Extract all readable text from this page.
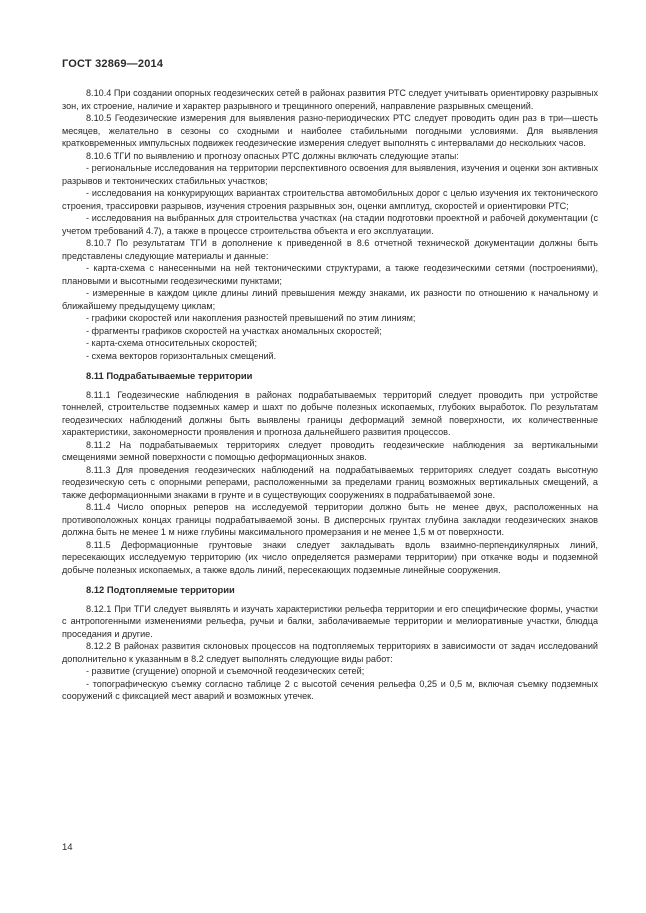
ГОСТ 32869—2014

8.10.4 При создании опорных геодезических сетей в районах развития РТС следует учитывать ориентировку разрывных зон, их строение, наличие и характер разрывного и трещинного оперений, направление разрывных смещений.

8.10.5 Геодезические измерения для выявления разно-периодических РТС следует проводить один раз в три—шесть месяцев, желательно в сезоны со сходными и наиболее стабильными погодными условиями. Для выявления кратковременных импульсных подвижек геодезические измерения следует выполнять с интервалами до нескольких часов.

8.10.6 ТГИ по выявлению и прогнозу опасных РТС должны включать следующие этапы:

- региональные исследования на территории перспективного освоения для выявления, изучения и оценки зон активных разрывов и тектонических стабильных участков;

- исследования на конкурирующих вариантах строительства автомобильных дорог с целью изучения их тектонического строения, трассировки разрывов, изучения строения разрывных зон, оценки амплитуд, скоростей и ориентировки РТС;

- исследования на выбранных для строительства участках (на стадии подготовки проектной и рабочей документации (с учетом требований 4.7), а также в процессе строительства объекта и его эксплуатации.

8.10.7 По результатам ТГИ в дополнение к приведенной в 8.6 отчетной технической документации должны быть представлены следующие материалы и данные:

- карта-схема с нанесенными на ней тектоническими структурами, а также геодезическими сетями (построениями), плановыми и высотными геодезическими пунктами;

- измеренные в каждом цикле длины линий превышения между знаками, их разности по отношению к начальному и ближайшему предыдущему циклам;

- графики скоростей или накопления разностей превышений по этим линиям;

- фрагменты графиков скоростей на участках аномальных скоростей;

- карта-схема относительных скоростей;

- схема векторов горизонтальных смещений.

8.11 Подрабатываемые территории

8.11.1 Геодезические наблюдения в районах подрабатываемых территорий следует проводить при устройстве тоннелей, строительстве подземных камер и шахт по добыче полезных ископаемых, глубоких выработок. По результатам геодезических наблюдений должны быть выявлены границы деформаций земной поверхности, их количественные характеристики, закономерности проявления и прогноза дальнейшего развития процессов.

8.11.2 На подрабатываемых территориях следует проводить геодезические наблюдения за вертикальными смещениями земной поверхности с помощью деформационных знаков.

8.11.3 Для проведения геодезических наблюдений на подрабатываемых территориях следует создать высотную геодезическую сеть с опорными реперами, расположенными за пределами границ возможных вертикальных смещений, а также деформационными знаками в грунте и в существующих сооружениях в подрабатываемой зоне.

8.11.4 Число опорных реперов на исследуемой территории должно быть не менее двух, расположенных на противоположных концах границы подрабатываемой зоны. В дисперсных грунтах глубина закладки геодезических знаков должна быть не менее 1 м ниже глубины максимального промерзания и не менее 1,5 м от поверхности.

8.11.5 Деформационные грунтовые знаки следует закладывать вдоль взаимно-перпендикулярных линий, пересекающих исследуемую территорию (их число определяется размерами территории) при откачке воды и подземной добыче полезных ископаемых, а также вдоль линий, пересекающих подземные линейные сооружения.

8.12 Подтопляемые территории

8.12.1 При ТГИ следует выявлять и изучать характеристики рельефа территории и его специфические формы, участки с антропогенными изменениями рельефа, ручьи и балки, заболачиваемые территории и мелиоративные участки, блюдца проседания и другие.

8.12.2 В районах развития склоновых процессов на подтопляемых территориях в зависимости от задач исследований дополнительно к указанным в 8.2 следует выполнять следующие виды работ:

- развитие (сгущение) опорной и съемочной геодезических сетей;

- топографическую съемку согласно таблице 2 с высотой сечения рельефа 0,25 и 0,5 м, включая съемку подземных сооружений с фиксацией мест аварий и возможных утечек.

14
